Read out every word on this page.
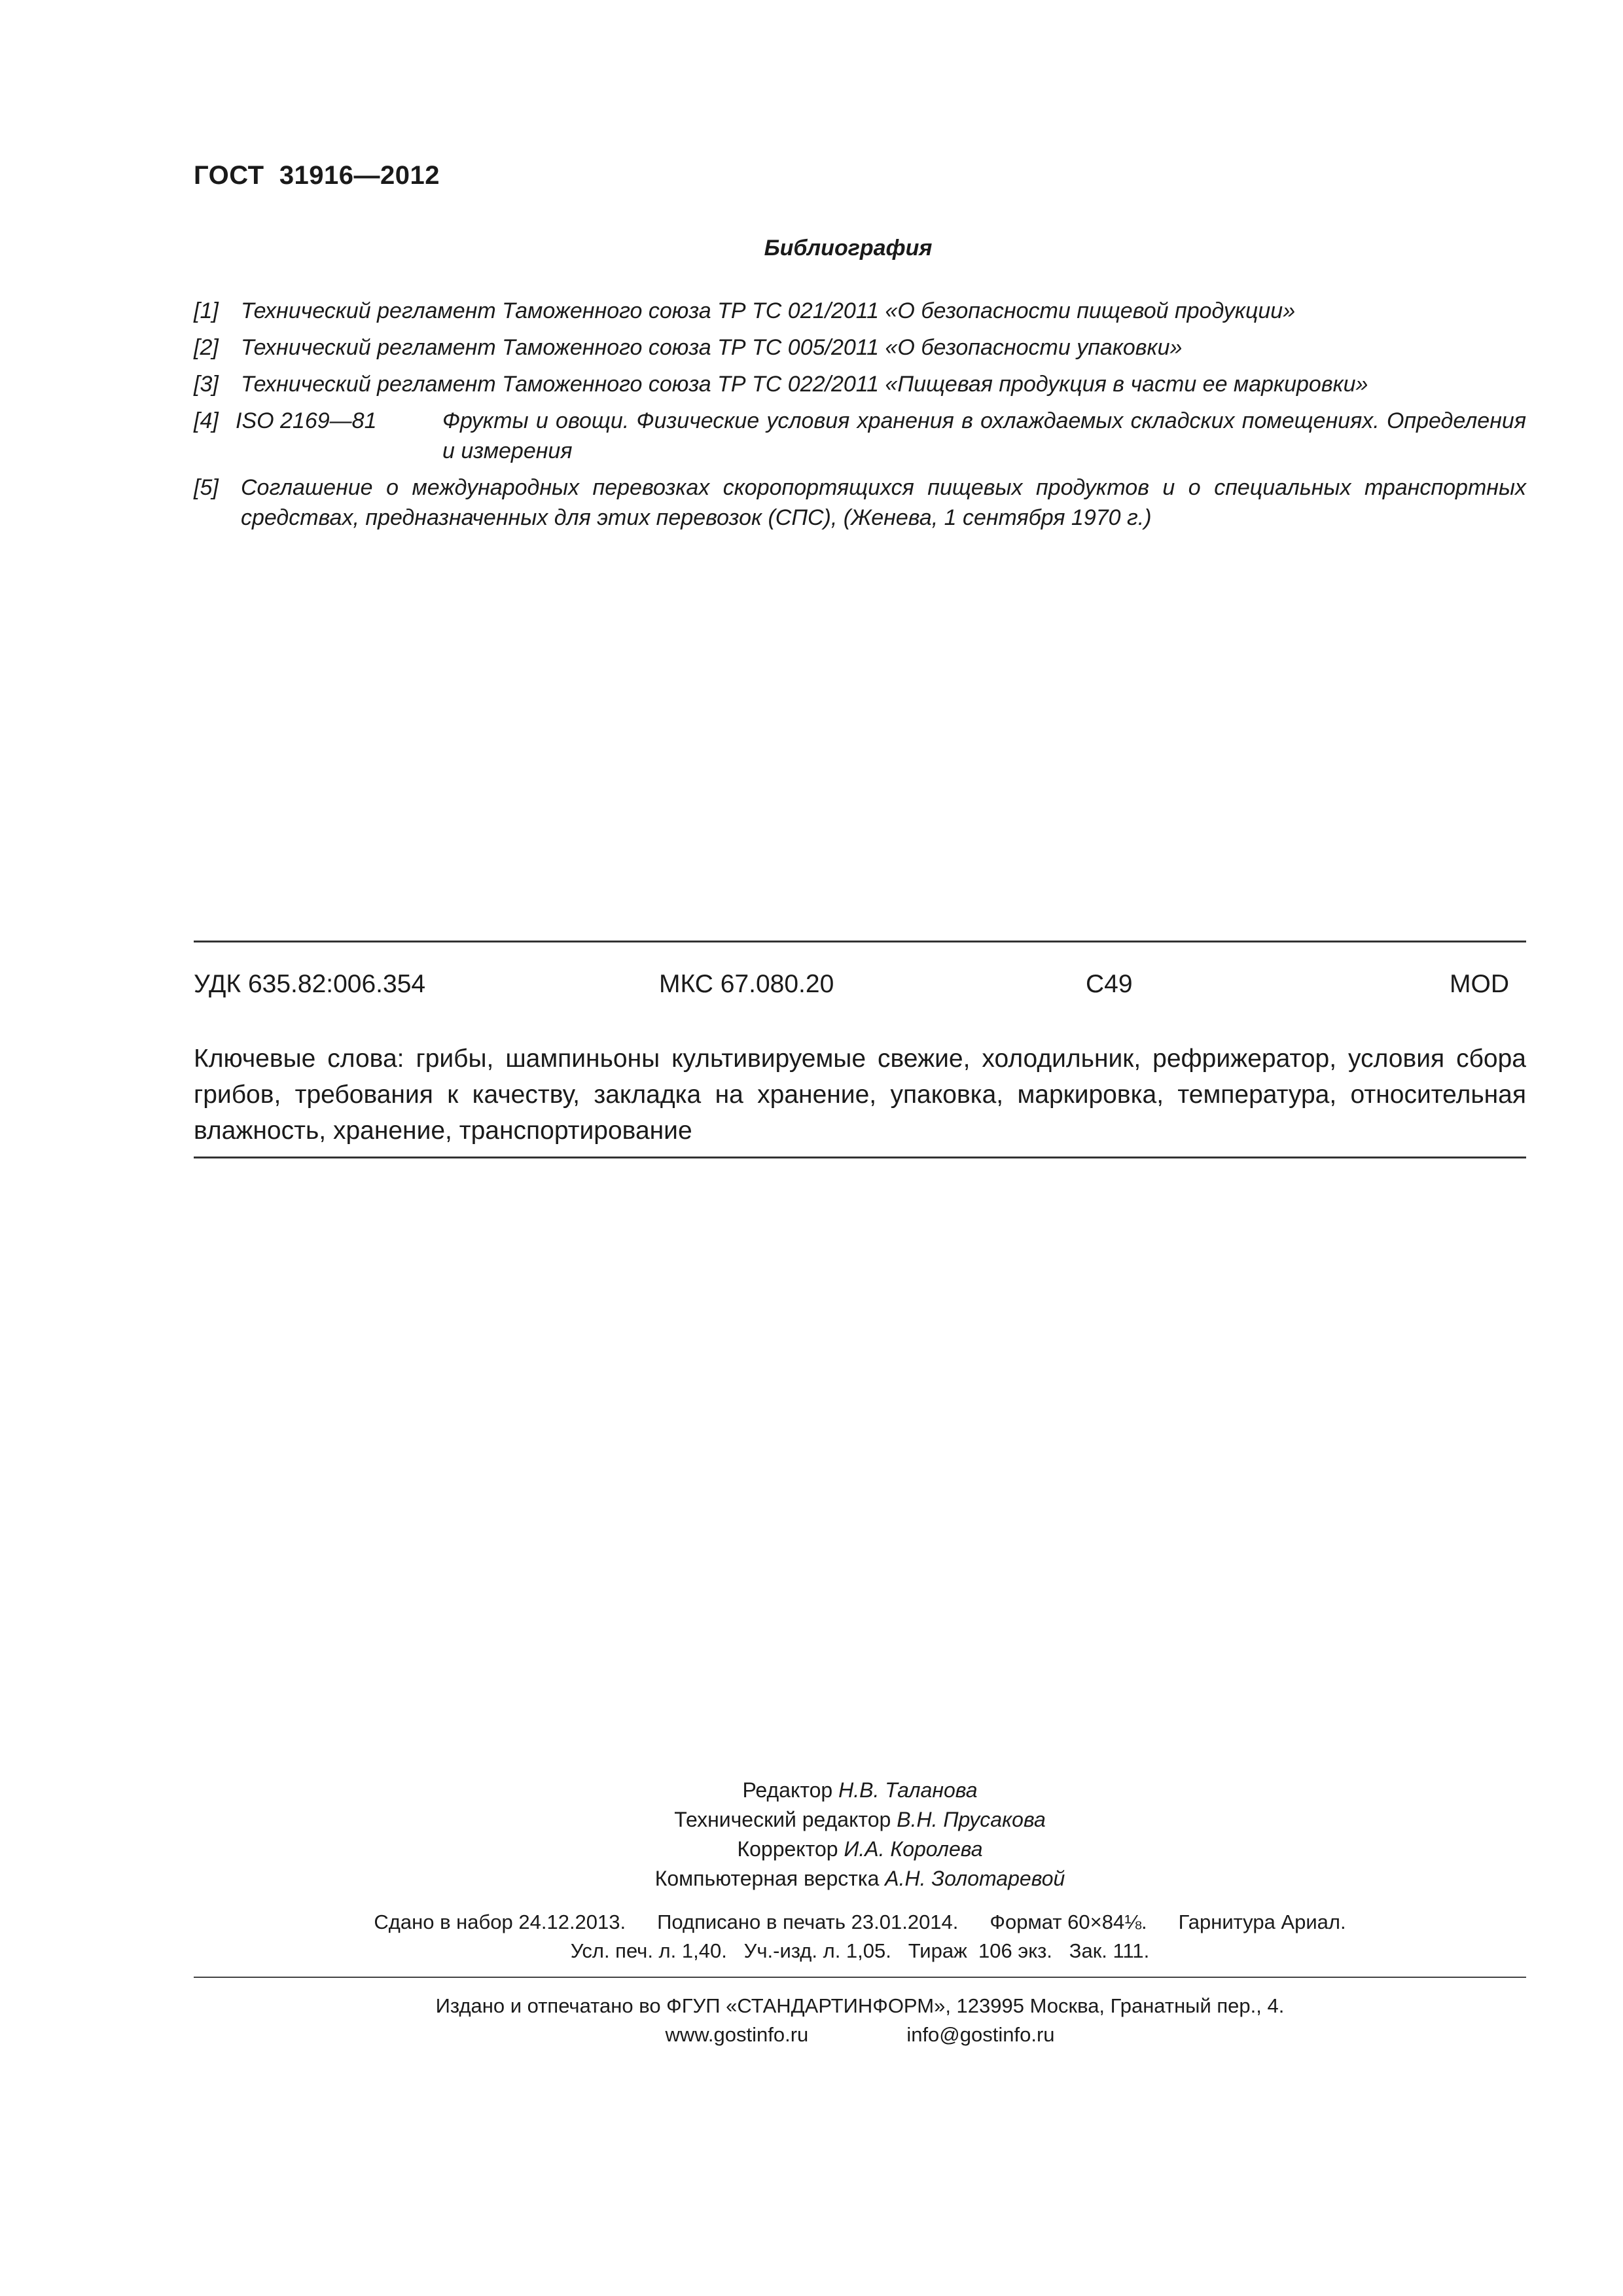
ГОСТ  31916—2012
Библиография
[1] Технический регламент Таможенного союза ТР ТС 021/2011 «О безопасности пищевой продукции»
[2] Технический регламент Таможенного союза ТР ТС 005/2011 «О безопасности упаковки»
[3] Технический регламент Таможенного союза ТР ТС 022/2011 «Пищевая продукция в части ее маркировки»
[4] ISO 2169—81	Фрукты и овощи. Физические условия хранения в охлаждаемых складских помещениях. Определения и измерения
[5] Соглашение о международных перевозках скоропортящихся пищевых продуктов и о специальных транспортных средствах, предназначенных для этих перевозок (СПС), (Женева, 1 сентября 1970 г.)
УДК 635.82:006.354	МКС 67.080.20	С49	MOD
Ключевые слова: грибы, шампиньоны культивируемые свежие, холодильник, рефрижератор, условия сбора грибов, требования к качеству, закладка на хранение, упаковка, маркировка, температура, относительная влажность, хранение, транспортирование
Редактор Н.В. Таланова
Технический редактор В.Н. Прусакова
Корректор И.А. Королева
Компьютерная верстка А.Н. Золотаревой
Сдано в набор 24.12.2013. Подписано в печать 23.01.2014. Формат 60×84⅛. Гарнитура Ариал.
Усл. печ. л. 1,40.   Уч.-изд. л. 1,05.   Тираж  106 экз.   Зак. 111.
Издано и отпечатано во ФГУП «СТАНДАРТИНФОРМ», 123995 Москва, Гранатный пер., 4.
www.gostinfo.ru	info@gostinfo.ru
